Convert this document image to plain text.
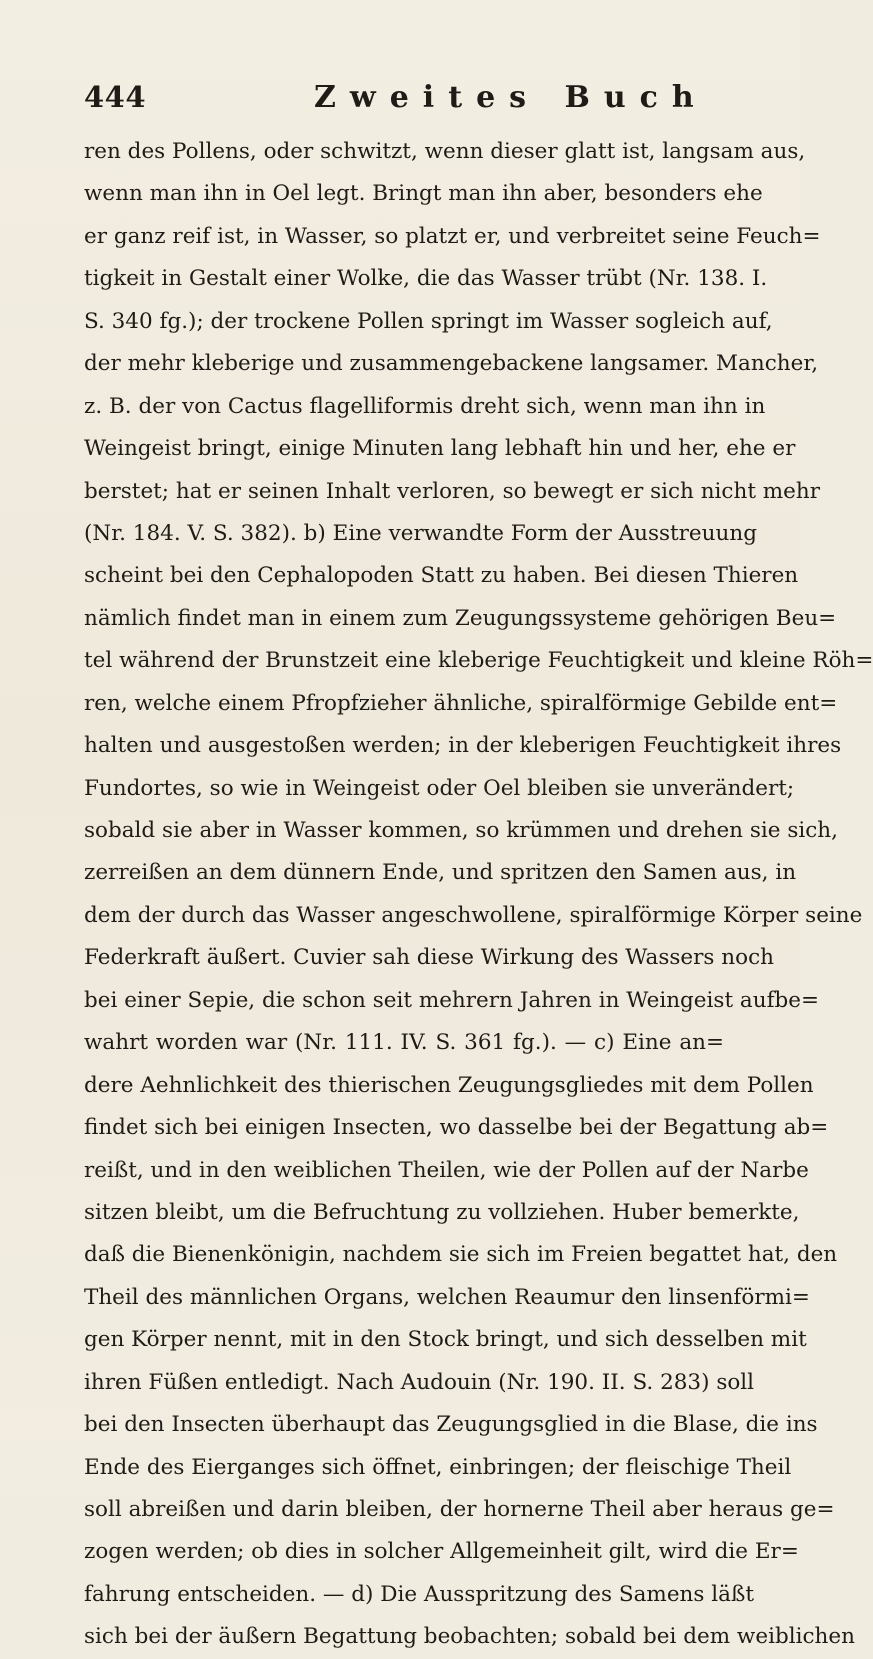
444	Zweites Buch
ren des Pollens, oder schwitzt, wenn dieser glatt ist, langsam aus,
wenn man ihn in Oel legt. Bringt man ihn aber, besonders ehe
er ganz reif ist, in Wasser, so platzt er, und verbreitet seine Feuch=
tigkeit in Gestalt einer Wolke, die das Wasser trübt (Nr. 138. I.
S. 340 fg.); der trockene Pollen springt im Wasser sogleich auf,
der mehr kleberige und zusammengebackene langsamer. Mancher,
z. B. der von Cactus flagelliformis dreht sich, wenn man ihn in
Weingeist bringt, einige Minuten lang lebhaft hin und her, ehe er
berstet; hat er seinen Inhalt verloren, so bewegt er sich nicht mehr
(Nr. 184. V. S. 382). b) Eine verwandte Form der Ausstreuung
scheint bei den Cephalopoden Statt zu haben. Bei diesen Thieren
nämlich findet man in einem zum Zeugungssysteme gehörigen Beu=
tel während der Brunstzeit eine kleberige Feuchtigkeit und kleine Röh=
ren, welche einem Pfropfzieher ähnliche, spiralförmige Gebilde ent=
halten und ausgestoßen werden; in der kleberigen Feuchtigkeit ihres
Fundortes, so wie in Weingeist oder Oel bleiben sie unverändert;
sobald sie aber in Wasser kommen, so krümmen und drehen sie sich,
zerreißen an dem dünnern Ende, und spritzen den Samen aus, in
dem der durch das Wasser angeschwollene, spiralförmige Körper seine
Federkraft äußert. Cuvier sah diese Wirkung des Wassers noch
bei einer Sepie, die schon seit mehrern Jahren in Weingeist aufbe=
wahrt worden war (Nr. 111. IV. S. 361 fg.). — c) Eine an=
dere Aehnlichkeit des thierischen Zeugungsgliedes mit dem Pollen
findet sich bei einigen Insecten, wo dasselbe bei der Begattung ab=
reißt, und in den weiblichen Theilen, wie der Pollen auf der Narbe
sitzen bleibt, um die Befruchtung zu vollziehen. Huber bemerkte,
daß die Bienenkönigin, nachdem sie sich im Freien begattet hat, den
Theil des männlichen Organs, welchen Reaumur den linsenförmi=
gen Körper nennt, mit in den Stock bringt, und sich desselben mit
ihren Füßen entledigt. Nach Audouin (Nr. 190. II. S. 283) soll
bei den Insecten überhaupt das Zeugungsglied in die Blase, die ins
Ende des Eierganges sich öffnet, einbringen; der fleischige Theil
soll abreißen und darin bleiben, der hornerne Theil aber heraus ge=
zogen werden; ob dies in solcher Allgemeinheit gilt, wird die Er=
fahrung entscheiden. — d) Die Ausspritzung des Samens läßt
sich bei der äußern Begattung beobachten; sobald bei dem weiblichen
